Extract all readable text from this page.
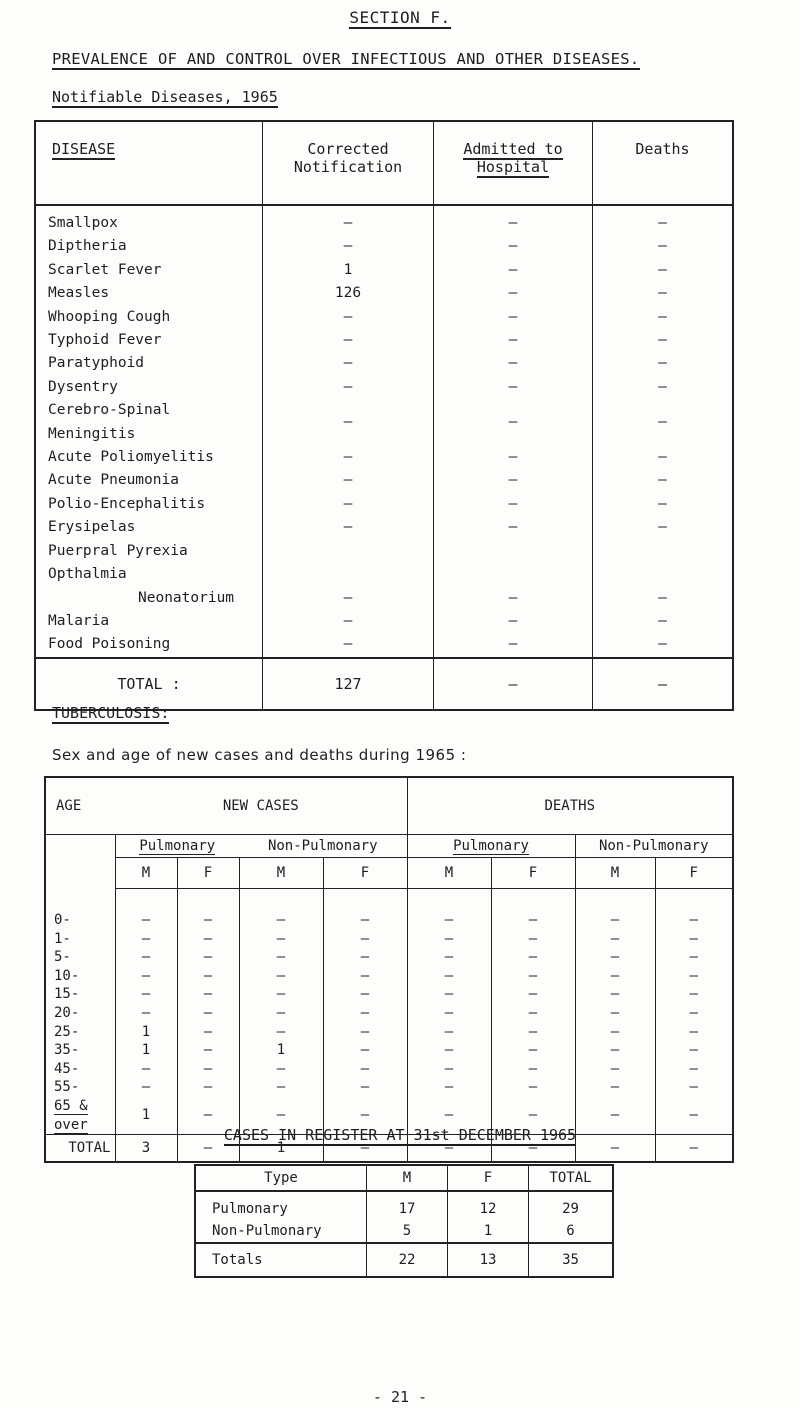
SECTION F.
PREVALENCE OF AND CONTROL OVER INFECTIOUS AND OTHER DISEASES.
Notifiable Diseases, 1965
DISEASE	Corrected Notification	Admitted to Hospital	Deaths
Smallpox	–	–	–
Diptheria	–	–	–
Scarlet Fever	1	–	–
Measles	126	–	–
Whooping Cough	–	–	–
Typhoid Fever	–	–	–
Paratyphoid	–	–	–
Dysentry	–	–	–
Cerebro-Spinal Meningitis	–	–	–
Acute Poliomyelitis	–	–	–
Acute Pneumonia	–	–	–
Polio-Encephalitis	–	–	–
Erysipelas	–	–	–
Puerpral Pyrexia Opthalmia			
Neonatorium	–	–	–
Malaria	–	–	–
Food Poisoning	–	–	–
TOTAL :	127	–	–
TUBERCULOSIS:
Sex and age of new cases and deaths during 1965 :
AGE	NEW CASES				DEATHS			
	Pulmonary		Non-Pulmonary		Pulmonary		Non-Pulmonary	
	M	F	M	F	M	F	M	F
0-	–	–	–	–	–	–	–	–
1-	–	–	–	–	–	–	–	–
5-	–	–	–	–	–	–	–	–
10-	–	–	–	–	–	–	–	–
15-	–	–	–	–	–	–	–	–
20-	–	–	–	–	–	–	–	–
25-	1	–	–	–	–	–	–	–
35-	1	–	1	–	–	–	–	–
45-	–	–	–	–	–	–	–	–
55-	–	–	–	–	–	–	–	–
65 & over	1	–	–	–	–	–	–	–
TOTAL	3	–	1	–	–	–	–	–
CASES IN REGISTER AT 31st DECEMBER 1965
Type	M	F	TOTAL
Pulmonary	17	12	29
Non-Pulmonary	5	1	6
Totals	22	13	35
- 21 -
